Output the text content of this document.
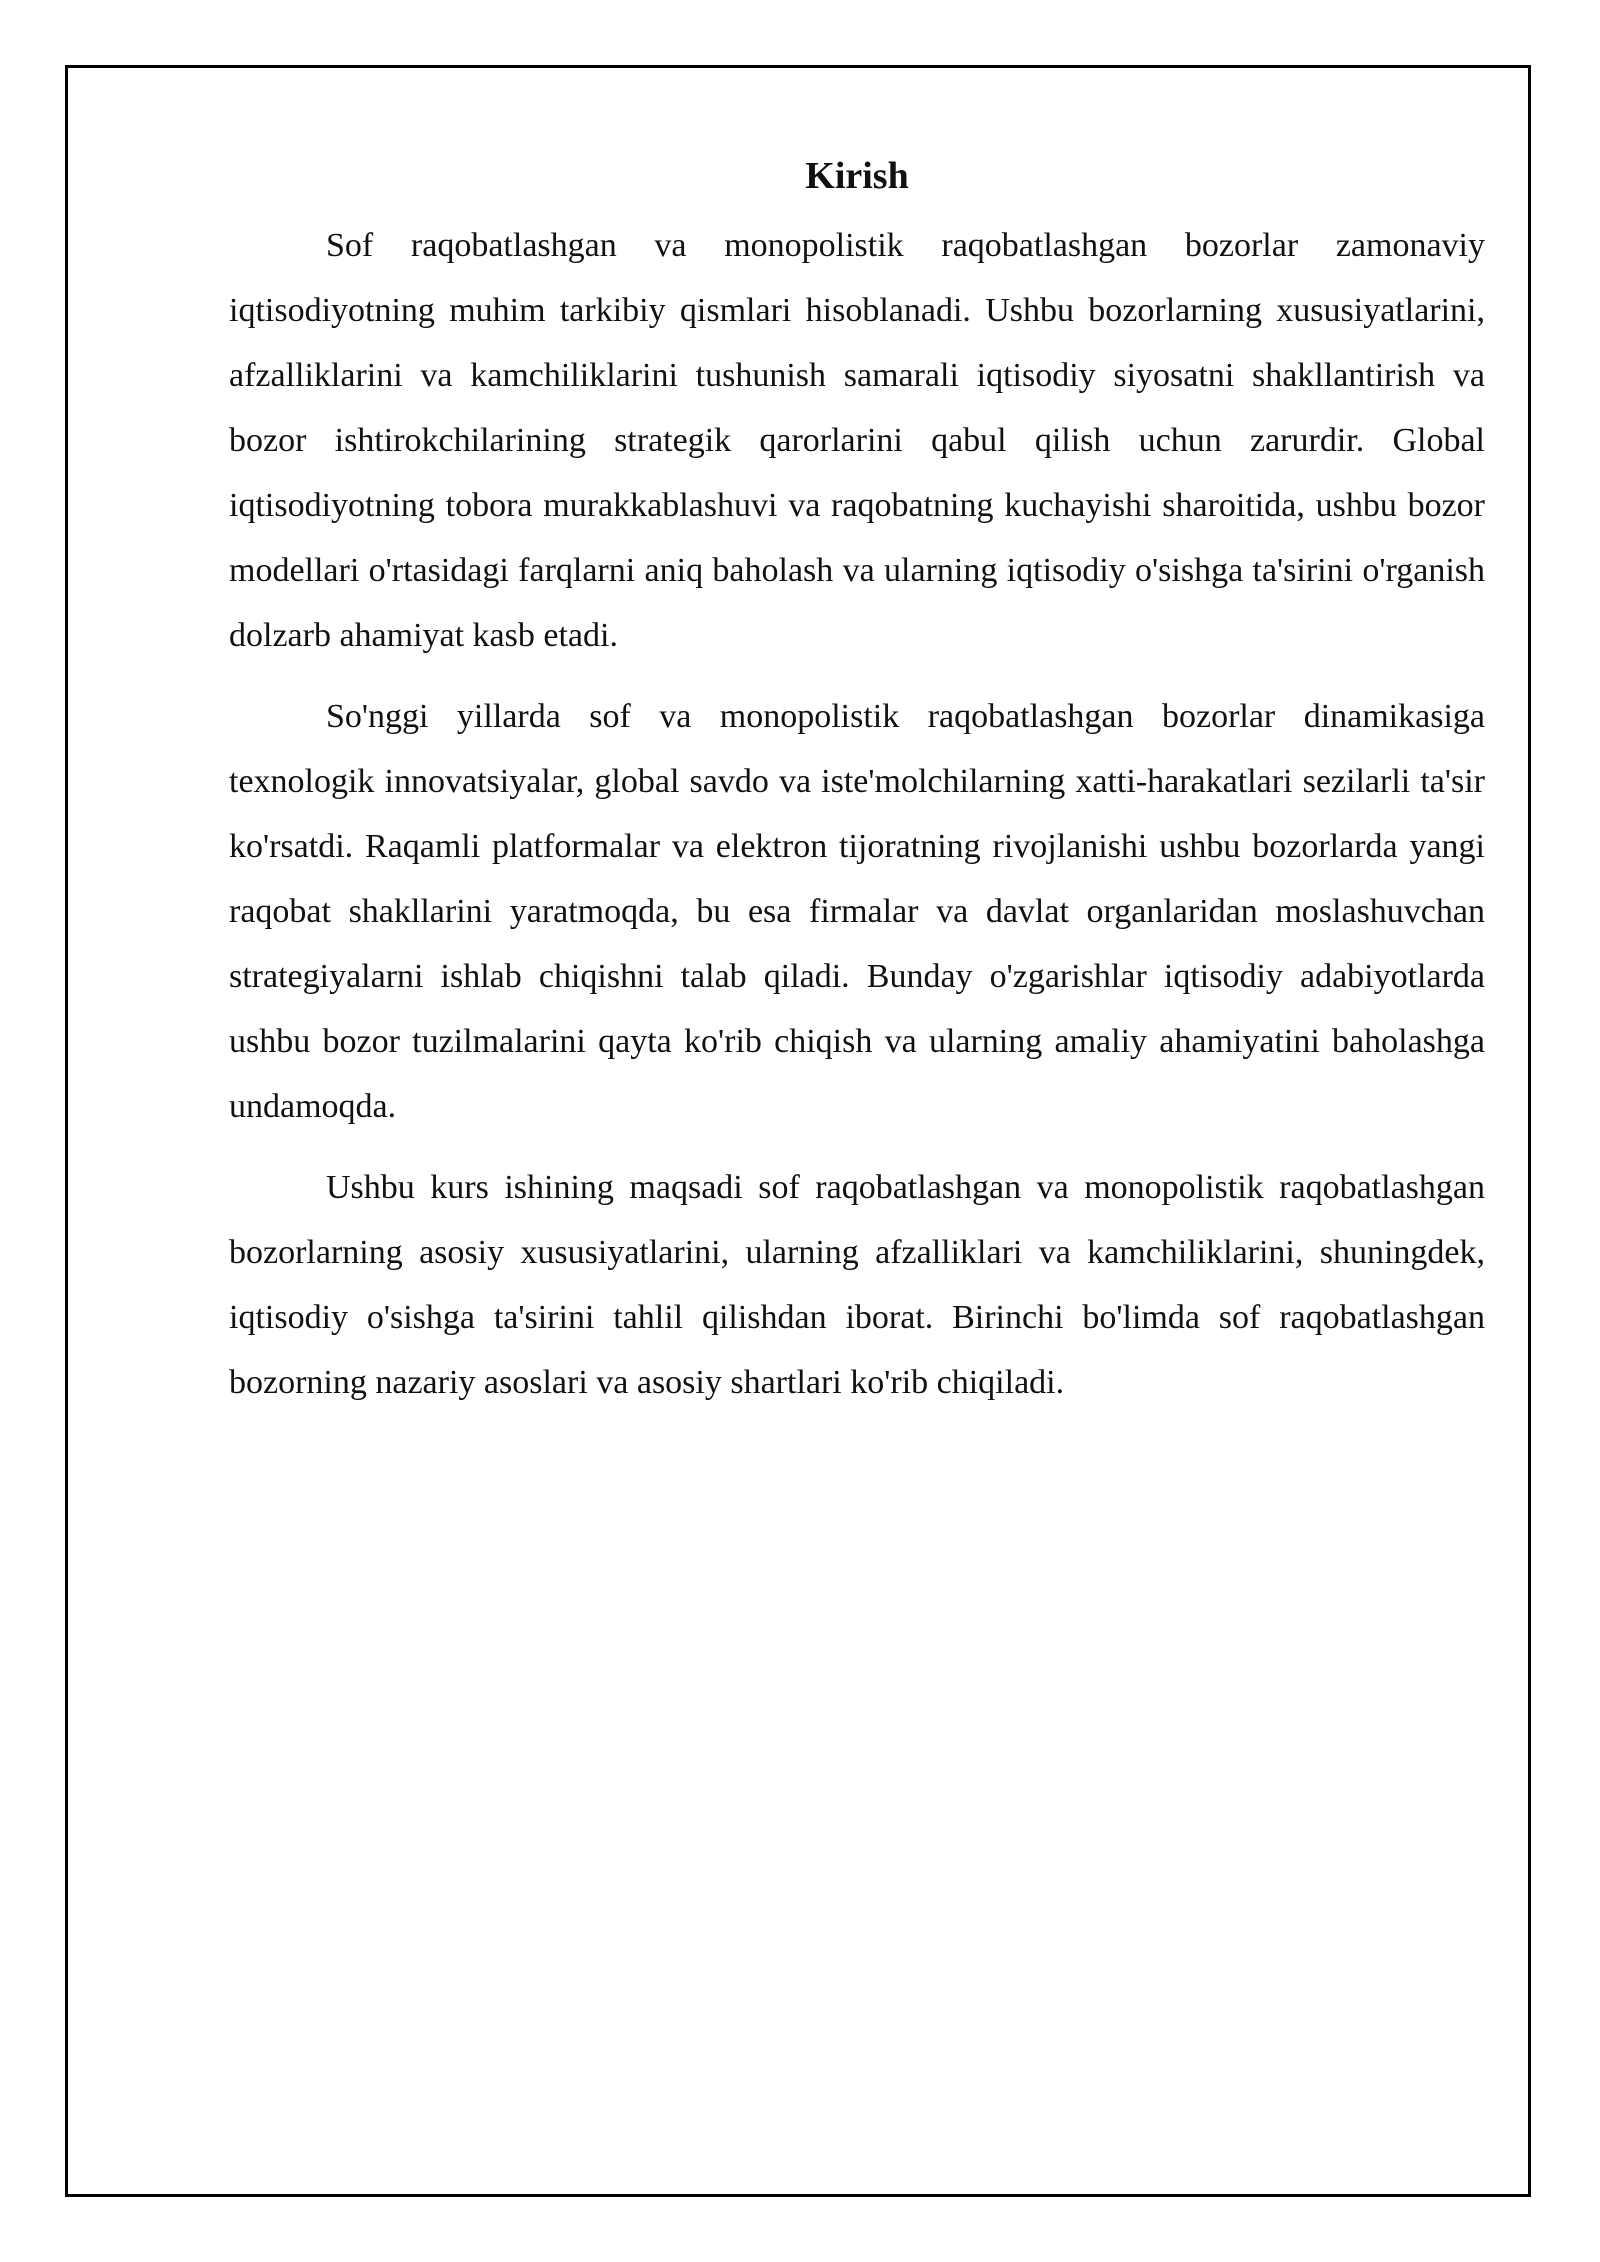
Kirish

Sof raqobatlashgan va monopolistik raqobatlashgan bozorlar zamonaviy iqtisodiyotning muhim tarkibiy qismlari hisoblanadi. Ushbu bozorlarning xususiyatlarini, afzalliklarini va kamchiliklarini tushunish samarali iqtisodiy siyosatni shakllantirish va bozor ishtirokchilarining strategik qarorlarini qabul qilish uchun zarurdir. Global iqtisodiyotning tobora murakkablashuvi va raqobatning kuchayishi sharoitida, ushbu bozor modellari o'rtasidagi farqlarni aniq baholash va ularning iqtisodiy o'sishga ta'sirini o'rganish dolzarb ahamiyat kasb etadi.

So'nggi yillarda sof va monopolistik raqobatlashgan bozorlar dinamikasiga texnologik innovatsiyalar, global savdo va iste'molchilarning xatti-harakatlari sezilarli ta'sir ko'rsatdi. Raqamli platformalar va elektron tijoratning rivojlanishi ushbu bozorlarda yangi raqobat shakllarini yaratmoqda, bu esa firmalar va davlat organlaridan moslashuvchan strategiyalarni ishlab chiqishni talab qiladi. Bunday o'zgarishlar iqtisodiy adabiyotlarda ushbu bozor tuzilmalarini qayta ko'rib chiqish va ularning amaliy ahamiyatini baholashga undamoqda.

Ushbu kurs ishining maqsadi sof raqobatlashgan va monopolistik raqobatlashgan bozorlarning asosiy xususiyatlarini, ularning afzalliklari va kamchiliklarini, shuningdek, iqtisodiy o'sishga ta'sirini tahlil qilishdan iborat. Birinchi bo'limda sof raqobatlashgan bozorning nazariy asoslari va asosiy shartlari ko'rib chiqiladi.
